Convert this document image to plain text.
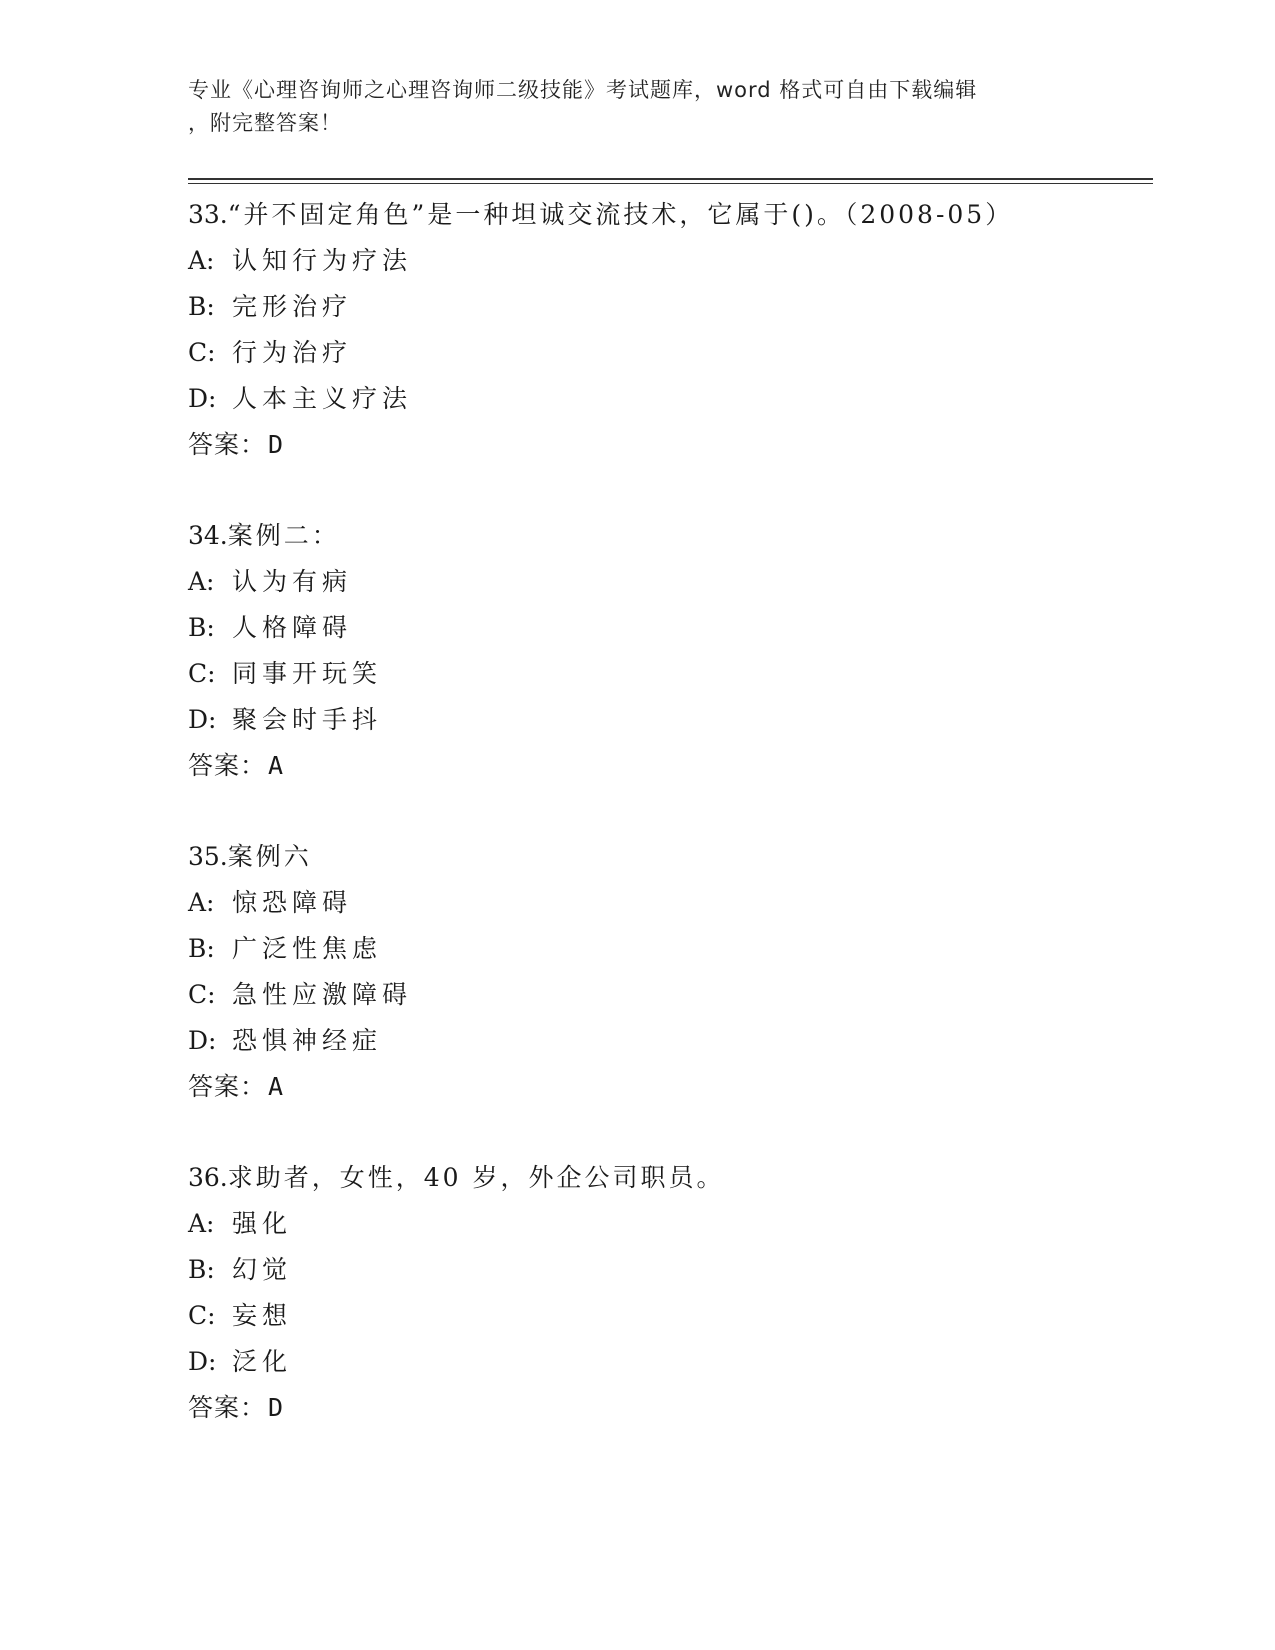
专业《心理咨询师之心理咨询师二级技能》考试题库，word 格式可自由下载编辑
，附完整答案！
33. “并不固定角色”是一种坦诚交流技术，它属于()。（2008-05）
A: 认知行为疗法
B: 完形治疗
C: 行为治疗
D: 人本主义疗法
答案： D
34. 案例二：
A: 认为有病
B: 人格障碍
C: 同事开玩笑
D: 聚会时手抖
答案： A
35. 案例六
A: 惊恐障碍
B: 广泛性焦虑
C: 急性应激障碍
D: 恐惧神经症
答案： A
36. 求助者，女性，40 岁，外企公司职员。
A: 强化
B: 幻觉
C: 妄想
D: 泛化
答案： D
